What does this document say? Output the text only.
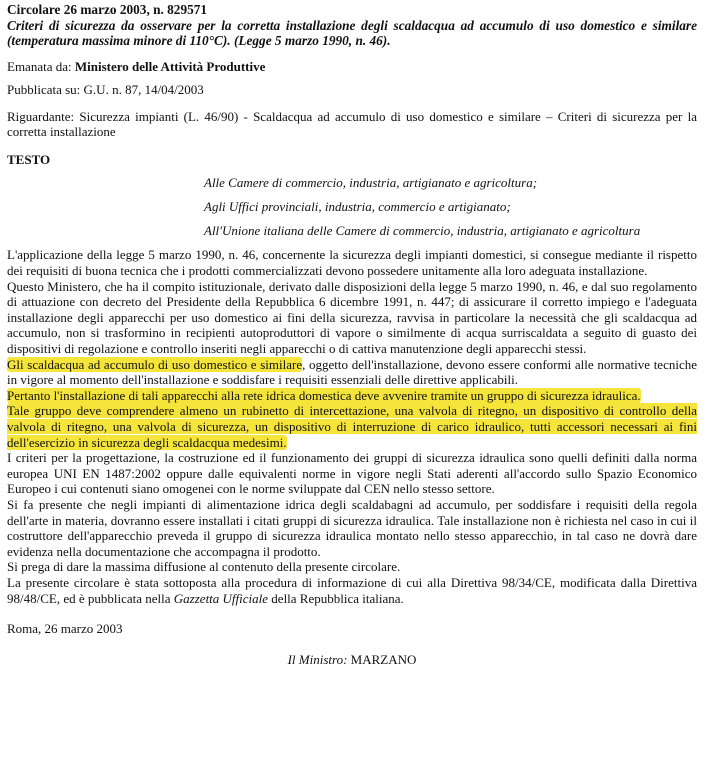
Circolare 26 marzo 2003, n. 829571
Criteri di sicurezza da osservare per la corretta installazione degli scaldacqua ad accumulo di uso domestico e similare (temperatura massima minore di 110°C). (Legge 5 marzo 1990, n. 46).
Emanata da: Ministero delle Attività Produttive
Pubblicata su: G.U. n. 87, 14/04/2003
Riguardante: Sicurezza impianti (L. 46/90) - Scaldacqua ad accumulo di uso domestico e similare – Criteri di sicurezza per la corretta installazione
TESTO
Alle Camere di commercio, industria, artigianato e agricoltura;
Agli Uffici provinciali, industria, commercio e artigianato;
All'Unione italiana delle Camere di commercio, industria, artigianato e agricoltura

L'applicazione della legge 5 marzo 1990, n. 46, concernente la sicurezza degli impianti domestici, si consegue mediante il rispetto dei requisiti di buona tecnica che i prodotti commercializzati devono possedere unitamente alla loro adeguata installazione.

Questo Ministero, che ha il compito istituzionale, derivato dalle disposizioni della legge 5 marzo 1990, n. 46, e dal suo regolamento di attuazione con decreto del Presidente della Repubblica 6 dicembre 1991, n. 447; di assicurare il corretto impiego e l'adeguata installazione degli apparecchi per uso domestico ai fini della sicurezza, ravvisa in particolare la necessità che gli scaldacqua ad accumulo, non si trasformino in recipienti autoproduttori di vapore o similmente di acqua surriscaldata a seguito di guasto dei dispositivi di regolazione e controllo inseriti negli apparecchi o di cattiva manutenzione degli apparecchi stessi.

Gli scaldacqua ad accumulo di uso domestico e similare, oggetto dell'installazione, devono essere conformi alle normative tecniche in vigore al momento dell'installazione e soddisfare i requisiti essenziali delle direttive applicabili.

Pertanto l'installazione di tali apparecchi alla rete idrica domestica deve avvenire tramite un gruppo di sicurezza idraulica.

Tale gruppo deve comprendere almeno un rubinetto di intercettazione, una valvola di ritegno, un dispositivo di controllo della valvola di ritegno, una valvola di sicurezza, un dispositivo di interruzione di carico idraulico, tutti accessori necessari ai fini dell'esercizio in sicurezza degli scaldacqua medesimi.

I criteri per la progettazione, la costruzione ed il funzionamento dei gruppi di sicurezza idraulica sono quelli definiti dalla norma europea UNI EN 1487:2002 oppure dalle equivalenti norme in vigore negli Stati aderenti all'accordo sullo Spazio Economico Europeo i cui contenuti siano omogenei con le norme sviluppate dal CEN nello stesso settore.

Si fa presente che negli impianti di alimentazione idrica degli scaldabagni ad accumulo, per soddisfare i requisiti della regola dell'arte in materia, dovranno essere installati i citati gruppi di sicurezza idraulica. Tale installazione non è richiesta nel caso in cui il costruttore dell'apparecchio preveda il gruppo di sicurezza idraulica montato nello stesso apparecchio, in tal caso ne dovrà dare evidenza nella documentazione che accompagna il prodotto.

Si prega di dare la massima diffusione al contenuto della presente circolare.

La presente circolare è stata sottoposta alla procedura di informazione di cui alla Direttiva 98/34/CE, modificata dalla Direttiva 98/48/CE, ed è pubblicata nella Gazzetta Ufficiale della Repubblica italiana.

Roma, 26 marzo 2003
Il Ministro: MARZANO
